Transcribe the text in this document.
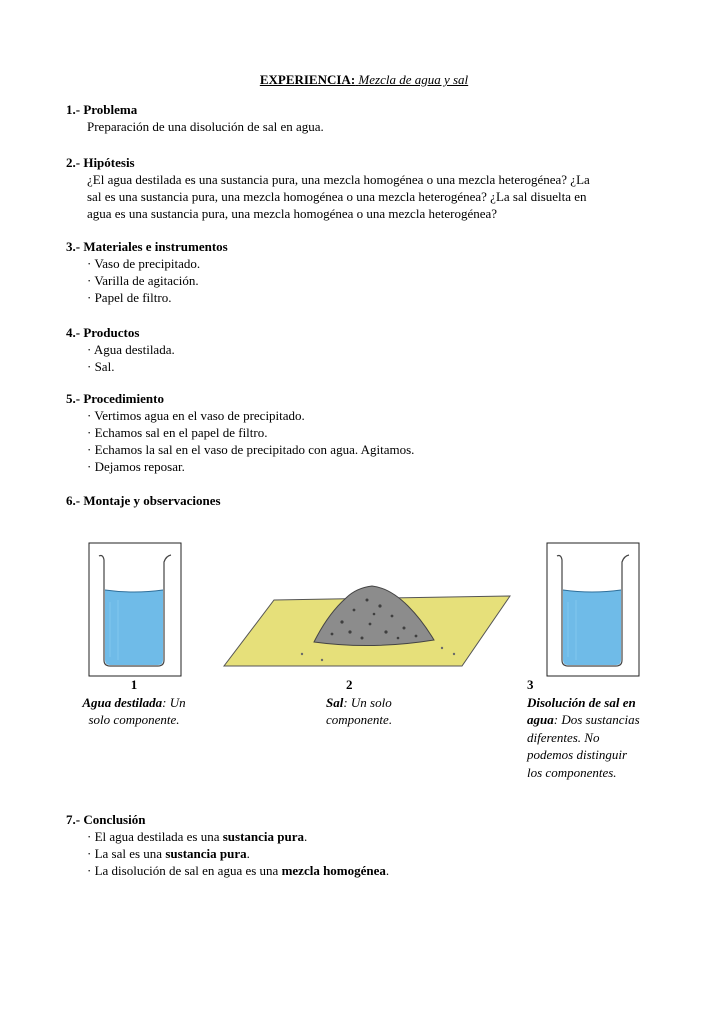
EXPERIENCIA: Mezcla de agua y sal
1.- Problema
Preparación de una disolución de sal en agua.
2.- Hipótesis
¿El agua destilada es una sustancia pura, una mezcla homogénea o una mezcla heterogénea? ¿La
sal es una sustancia pura, una mezcla homogénea o una mezcla heterogénea? ¿La sal disuelta en
agua es una sustancia pura, una mezcla homogénea o una mezcla heterogénea?
3.- Materiales e instrumentos
· Vaso de precipitado.
· Varilla de agitación.
· Papel de filtro.
4.- Productos
· Agua destilada.
· Sal.
5.- Procedimiento
· Vertimos agua en el vaso de precipitado.
· Echamos sal en el papel de filtro.
· Echamos la sal en el vaso de precipitado con agua. Agitamos.
· Dejamos reposar.
6.- Montaje y observaciones
1
Agua destilada: Un
solo componente.
2
Sal: Un solo
componente.
3
Disolución de sal en
agua: Dos sustancias
diferentes. No
podemos distinguir
los componentes.
7.- Conclusión
· El agua destilada es una sustancia pura.
· La sal es una sustancia pura.
· La disolución de sal en agua es una mezcla homogénea.
